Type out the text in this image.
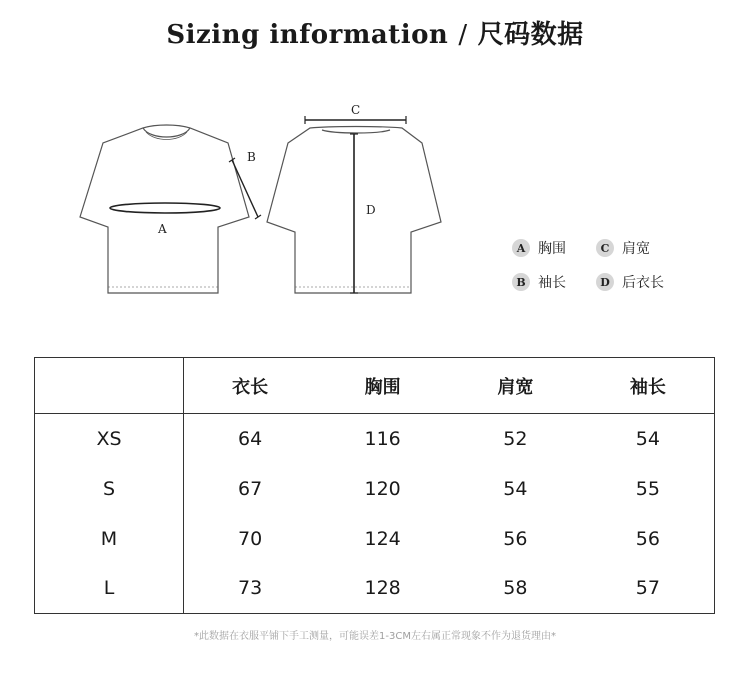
Sizing information / 尺码数据
A
B
C
D
A 胸围	C 肩宽
B 袖长	D 后衣长
	衣长	胸围	肩宽	袖长
XS	64	116	52	54
S	67	120	54	55
M	70	124	56	56
L	73	128	58	57
*此数据在衣服平铺下手工测量，可能误差1-3CM左右属正常现象不作为退货理由*
